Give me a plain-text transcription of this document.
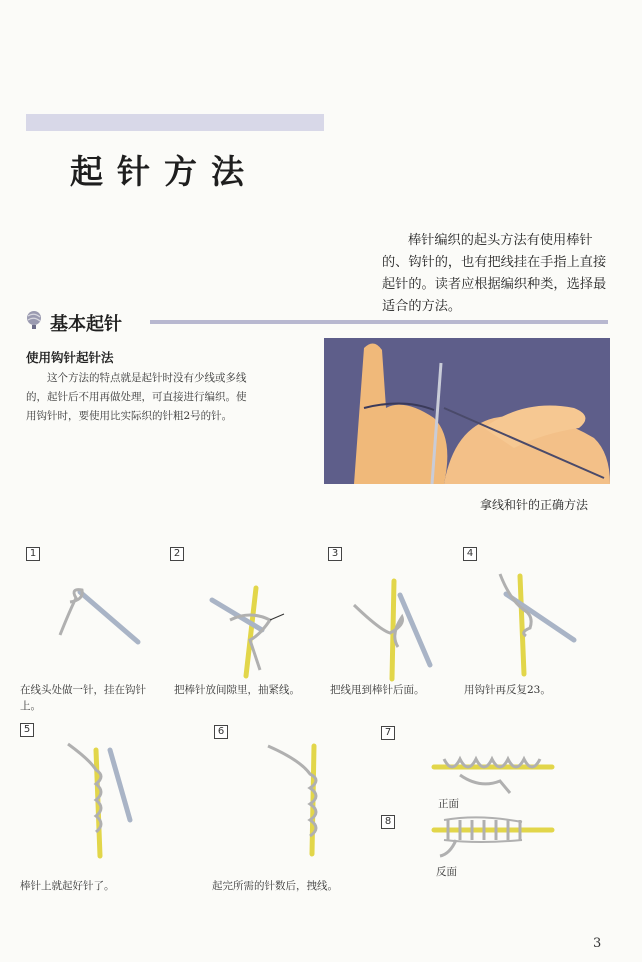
起针方法
棒针编织的起头方法有使用棒针的、钩针的，也有把线挂在手指上直接起针的。读者应根据编织种类，选择最适合的方法。
基本起针
使用钩针起针法
这个方法的特点就是起针时没有少线或多线的，起针后不用再做处理，可直接进行编织。使用钩针时，要使用比实际织的针粗2号的针。
拿线和针的正确方法
1
在线头处做一针，挂在钩针上。
2
把棒针放间隙里，抽紧线。
3
把线甩到棒针后面。
4
用钩针再反复23。
5
棒针上就起好针了。
6
起完所需的针数后，拽线。
7
正面
8
反面
3
